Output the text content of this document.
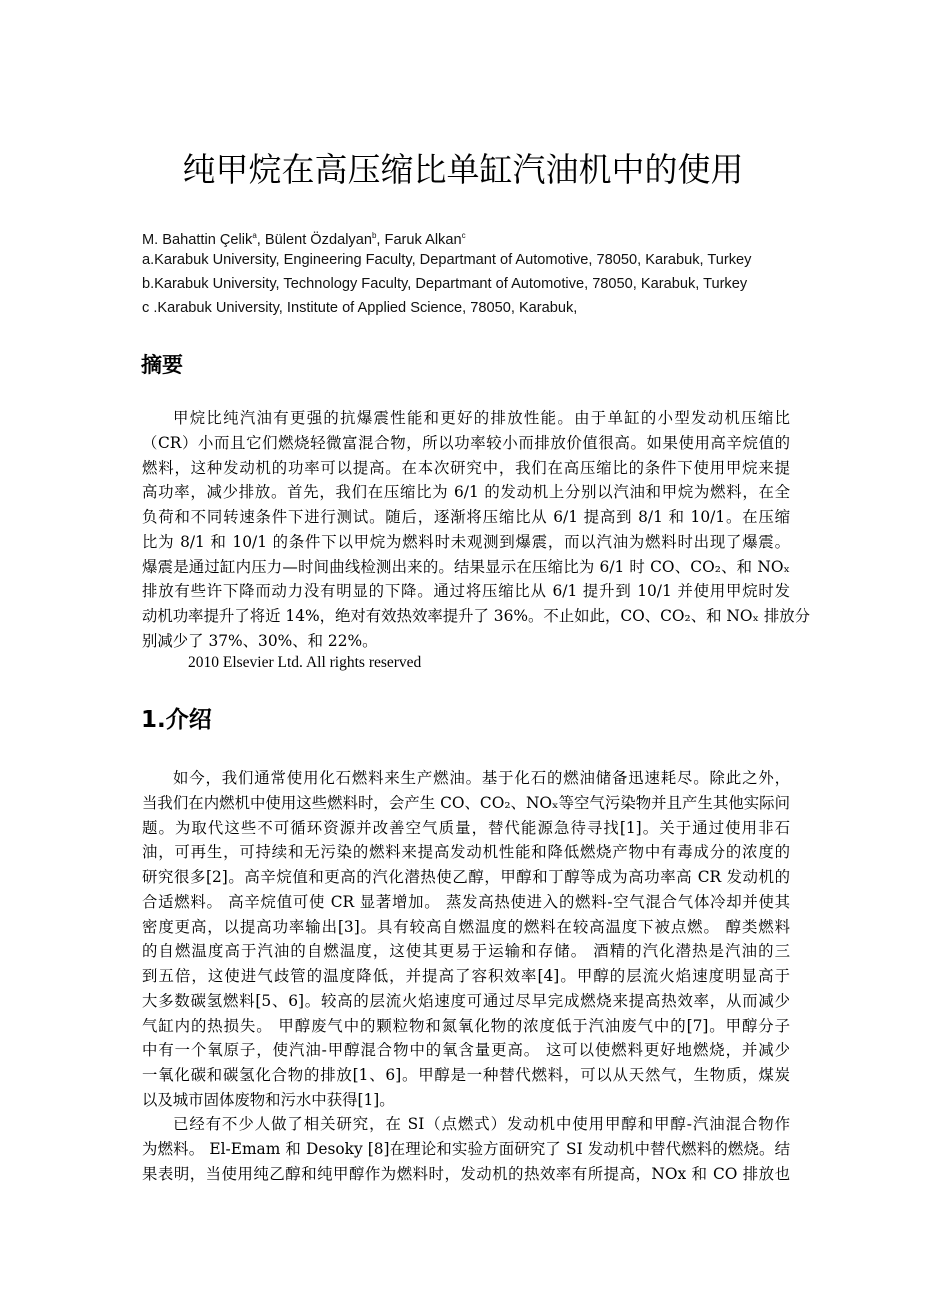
纯甲烷在高压缩比单缸汽油机中的使用
M. Bahattin Çelik$^a$, Bülent Özdalyan$^b$, Faruk Alkan$^c$
a.Karabuk University, Engineering Faculty, Departmant of Automotive, 78050, Karabuk, Turkey
b.Karabuk University, Technology Faculty, Departmant of Automotive, 78050, Karabuk, Turkey
c .Karabuk University, Institute of Applied Science, 78050, Karabuk,
摘要
甲烷比纯汽油有更强的抗爆震性能和更好的排放性能。由于单缸的小型发动机压缩比
（CR）小而且它们燃烧轻微富混合物，所以功率较小而排放价值很高。如果使用高辛烷值的
燃料，这种发动机的功率可以提高。在本次研究中，我们在高压缩比的条件下使用甲烷来提
高功率，减少排放。首先，我们在压缩比为 6/1 的发动机上分别以汽油和甲烷为燃料，在全
负荷和不同转速条件下进行测试。随后，逐渐将压缩比从 6/1 提高到 8/1 和 10/1。在压缩
比为 8/1 和 10/1 的条件下以甲烷为燃料时未观测到爆震，而以汽油为燃料时出现了爆震。
爆震是通过缸内压力—时间曲线检测出来的。结果显示在压缩比为 6/1 时 CO、CO₂、和 NOₓ
排放有些许下降而动力没有明显的下降。通过将压缩比从 6/1 提升到 10/1 并使用甲烷时发
动机功率提升了将近 14%，绝对有效热效率提升了 36%。不止如此，CO、CO₂、和 NOₓ 排放分
别减少了 37%、30%、和 22%。
2010 Elsevier Ltd. All rights reserved
1.介绍
如今，我们通常使用化石燃料来生产燃油。基于化石的燃油储备迅速耗尽。除此之外，
当我们在内燃机中使用这些燃料时，会产生 CO、CO₂、NOₓ等空气污染物并且产生其他实际问
题。为取代这些不可循环资源并改善空气质量，替代能源急待寻找[1]。关于通过使用非石
油，可再生，可持续和无污染的燃料来提高发动机性能和降低燃烧产物中有毒成分的浓度的
研究很多[2]。高辛烷值和更高的汽化潜热使乙醇，甲醇和丁醇等成为高功率高 CR 发动机的
合适燃料。 高辛烷值可使 CR 显著增加。 蒸发高热使进入的燃料-空气混合气体冷却并使其
密度更高，以提高功率输出[3]。具有较高自燃温度的燃料在较高温度下被点燃。 醇类燃料
的自燃温度高于汽油的自燃温度，这使其更易于运输和存储。 酒精的汽化潜热是汽油的三
到五倍，这使进气歧管的温度降低，并提高了容积效率[4]。甲醇的层流火焰速度明显高于
大多数碳氢燃料[5、6]。较高的层流火焰速度可通过尽早完成燃烧来提高热效率，从而减少
气缸内的热损失。 甲醇废气中的颗粒物和氮氧化物的浓度低于汽油废气中的[7]。甲醇分子
中有一个氧原子，使汽油-甲醇混合物中的氧含量更高。 这可以使燃料更好地燃烧，并减少
一氧化碳和碳氢化合物的排放[1、6]。甲醇是一种替代燃料，可以从天然气，生物质，煤炭
以及城市固体废物和污水中获得[1]。
已经有不少人做了相关研究，在 SI（点燃式）发动机中使用甲醇和甲醇-汽油混合物作
为燃料。 El-Emam 和 Desoky [8]在理论和实验方面研究了 SI 发动机中替代燃料的燃烧。结
果表明，当使用纯乙醇和纯甲醇作为燃料时，发动机的热效率有所提高，NOx 和 CO 排放也
